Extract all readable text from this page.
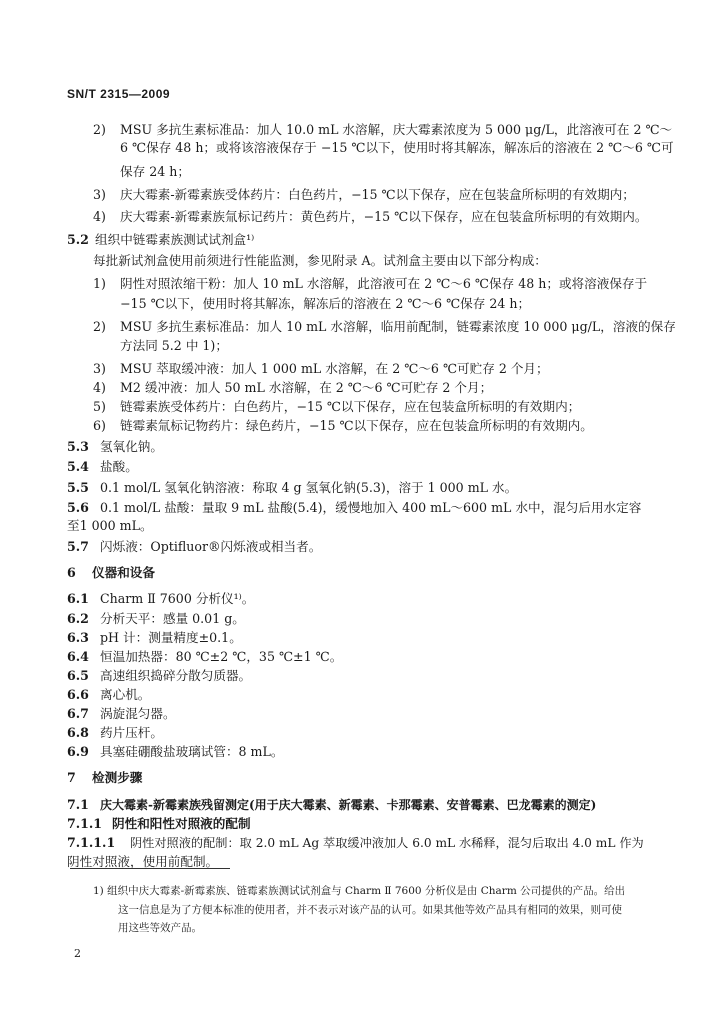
SN/T 2315—2009
2) MSU 多抗生素标准品：加人 10.0 mL 水溶解，庆大霉素浓度为 5 000 μg/L，此溶液可在 2 ℃～
6 ℃保存 48 h；或将该溶液保存于 −15 ℃以下，使用时将其解冻，解冻后的溶液在 2 ℃～6 ℃可
保存 24 h；
3) 庆大霉素-新霉素族受体药片：白色药片，−15 ℃以下保存，应在包装盒所标明的有效期内；
4) 庆大霉素-新霉素族氚标记药片：黄色药片，−15 ℃以下保存，应在包装盒所标明的有效期内。
5.2 组织中链霉素族测试试剂盒¹⁾
每批新试剂盒使用前须进行性能监测，参见附录 A。试剂盒主要由以下部分构成：
1) 阴性对照浓缩干粉：加人 10 mL 水溶解，此溶液可在 2 ℃～6 ℃保存 48 h；或将溶液保存于
−15 ℃以下，使用时将其解冻，解冻后的溶液在 2 ℃～6 ℃保存 24 h；
2) MSU 多抗生素标准品：加人 10 mL 水溶解，临用前配制，链霉素浓度 10 000 μg/L，溶液的保存
方法同 5.2 中 1)；
3) MSU 萃取缓冲液：加人 1 000 mL 水溶解，在 2 ℃～6 ℃可贮存 2 个月；
4) M2 缓冲液：加人 50 mL 水溶解，在 2 ℃～6 ℃可贮存 2 个月；
5) 链霉素族受体药片：白色药片，−15 ℃以下保存，应在包装盒所标明的有效期内；
6) 链霉素氚标记物药片：绿色药片，−15 ℃以下保存，应在包装盒所标明的有效期内。
5.3 氢氧化钠。
5.4 盐酸。
5.5 0.1 mol/L 氢氧化钠溶液：称取 4 g 氢氧化钠(5.3)，溶于 1 000 mL 水。
5.6 0.1 mol/L 盐酸：量取 9 mL 盐酸(5.4)，缓慢地加入 400 mL～600 mL 水中，混匀后用水定容
至1 000 mL。
5.7 闪烁液：Optifluor®闪烁液或相当者。
6 仪器和设备
6.1 Charm Ⅱ 7600 分析仪¹⁾。
6.2 分析天平：感量 0.01 g。
6.3 pH 计：测量精度±0.1。
6.4 恒温加热器：80 ℃±2 ℃，35 ℃±1 ℃。
6.5 高速组织捣碎分散匀质器。
6.6 离心机。
6.7 涡旋混匀器。
6.8 药片压杆。
6.9 具塞硅硼酸盐玻璃试管：8 mL。
7 检测步骤
7.1 庆大霉素-新霉素族残留测定(用于庆大霉素、新霉素、卡那霉素、安普霉素、巴龙霉素的测定)
7.1.1 阴性和阳性对照液的配制
7.1.1.1 阴性对照液的配制：取 2.0 mL Ag 萃取缓冲液加人 6.0 mL 水稀释，混匀后取出 4.0 mL 作为
阴性对照液，使用前配制。
1) 组织中庆大霉素-新霉素族、链霉素族测试试剂盒与 Charm Ⅱ 7600 分析仪是由 Charm 公司提供的产品。给出
这一信息是为了方便本标准的使用者，并不表示对该产品的认可。如果其他等效产品具有相同的效果，则可使
用这些等效产品。
2
